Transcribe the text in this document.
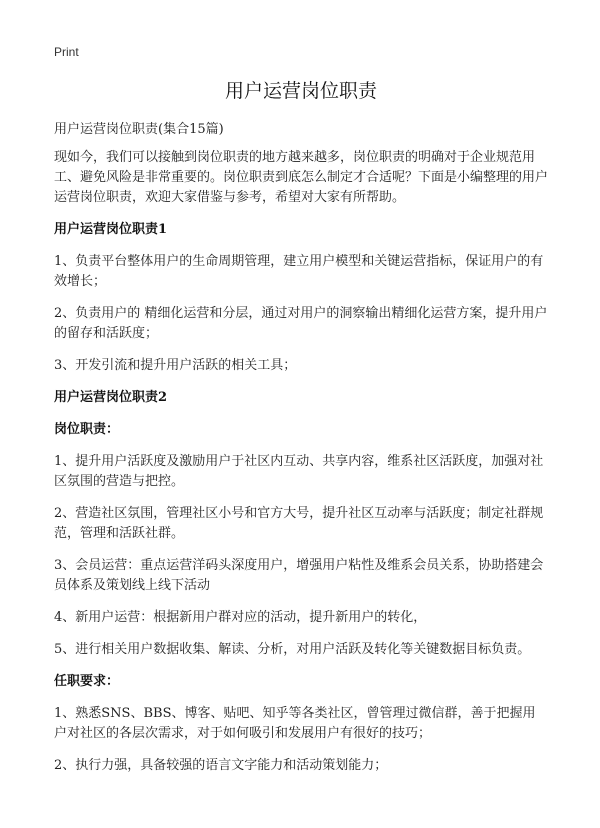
Print
用户运营岗位职责

用户运营岗位职责(集合15篇)

现如今，我们可以接触到岗位职责的地方越来越多，岗位职责的明确对于企业规范用工、避免风险是非常重要的。岗位职责到底怎么制定才合适呢？下面是小编整理的用户运营岗位职责，欢迎大家借鉴与参考，希望对大家有所帮助。

用户运营岗位职责1

1、负责平台整体用户的生命周期管理，建立用户模型和关键运营指标，保证用户的有效增长；

2、负责用户的 精细化运营和分层，通过对用户的洞察输出精细化运营方案，提升用户的留存和活跃度；

3、开发引流和提升用户活跃的相关工具；

用户运营岗位职责2

岗位职责：

1、提升用户活跃度及激励用户于社区内互动、共享内容，维系社区活跃度，加强对社区氛围的营造与把控。

2、营造社区氛围，管理社区小号和官方大号，提升社区互动率与活跃度；制定社群规范，管理和活跃社群。

3、会员运营：重点运营洋码头深度用户，增强用户粘性及维系会员关系，协助搭建会员体系及策划线上线下活动

4、新用户运营：根据新用户群对应的活动，提升新用户的转化，

5、进行相关用户数据收集、解读、分析，对用户活跃及转化等关键数据目标负责。

任职要求：

1、熟悉SNS、BBS、博客、贴吧、知乎等各类社区，曾管理过微信群，善于把握用户对社区的各层次需求，对于如何吸引和发展用户有很好的技巧；

2、执行力强，具备较强的语言文字能力和活动策划能力；
